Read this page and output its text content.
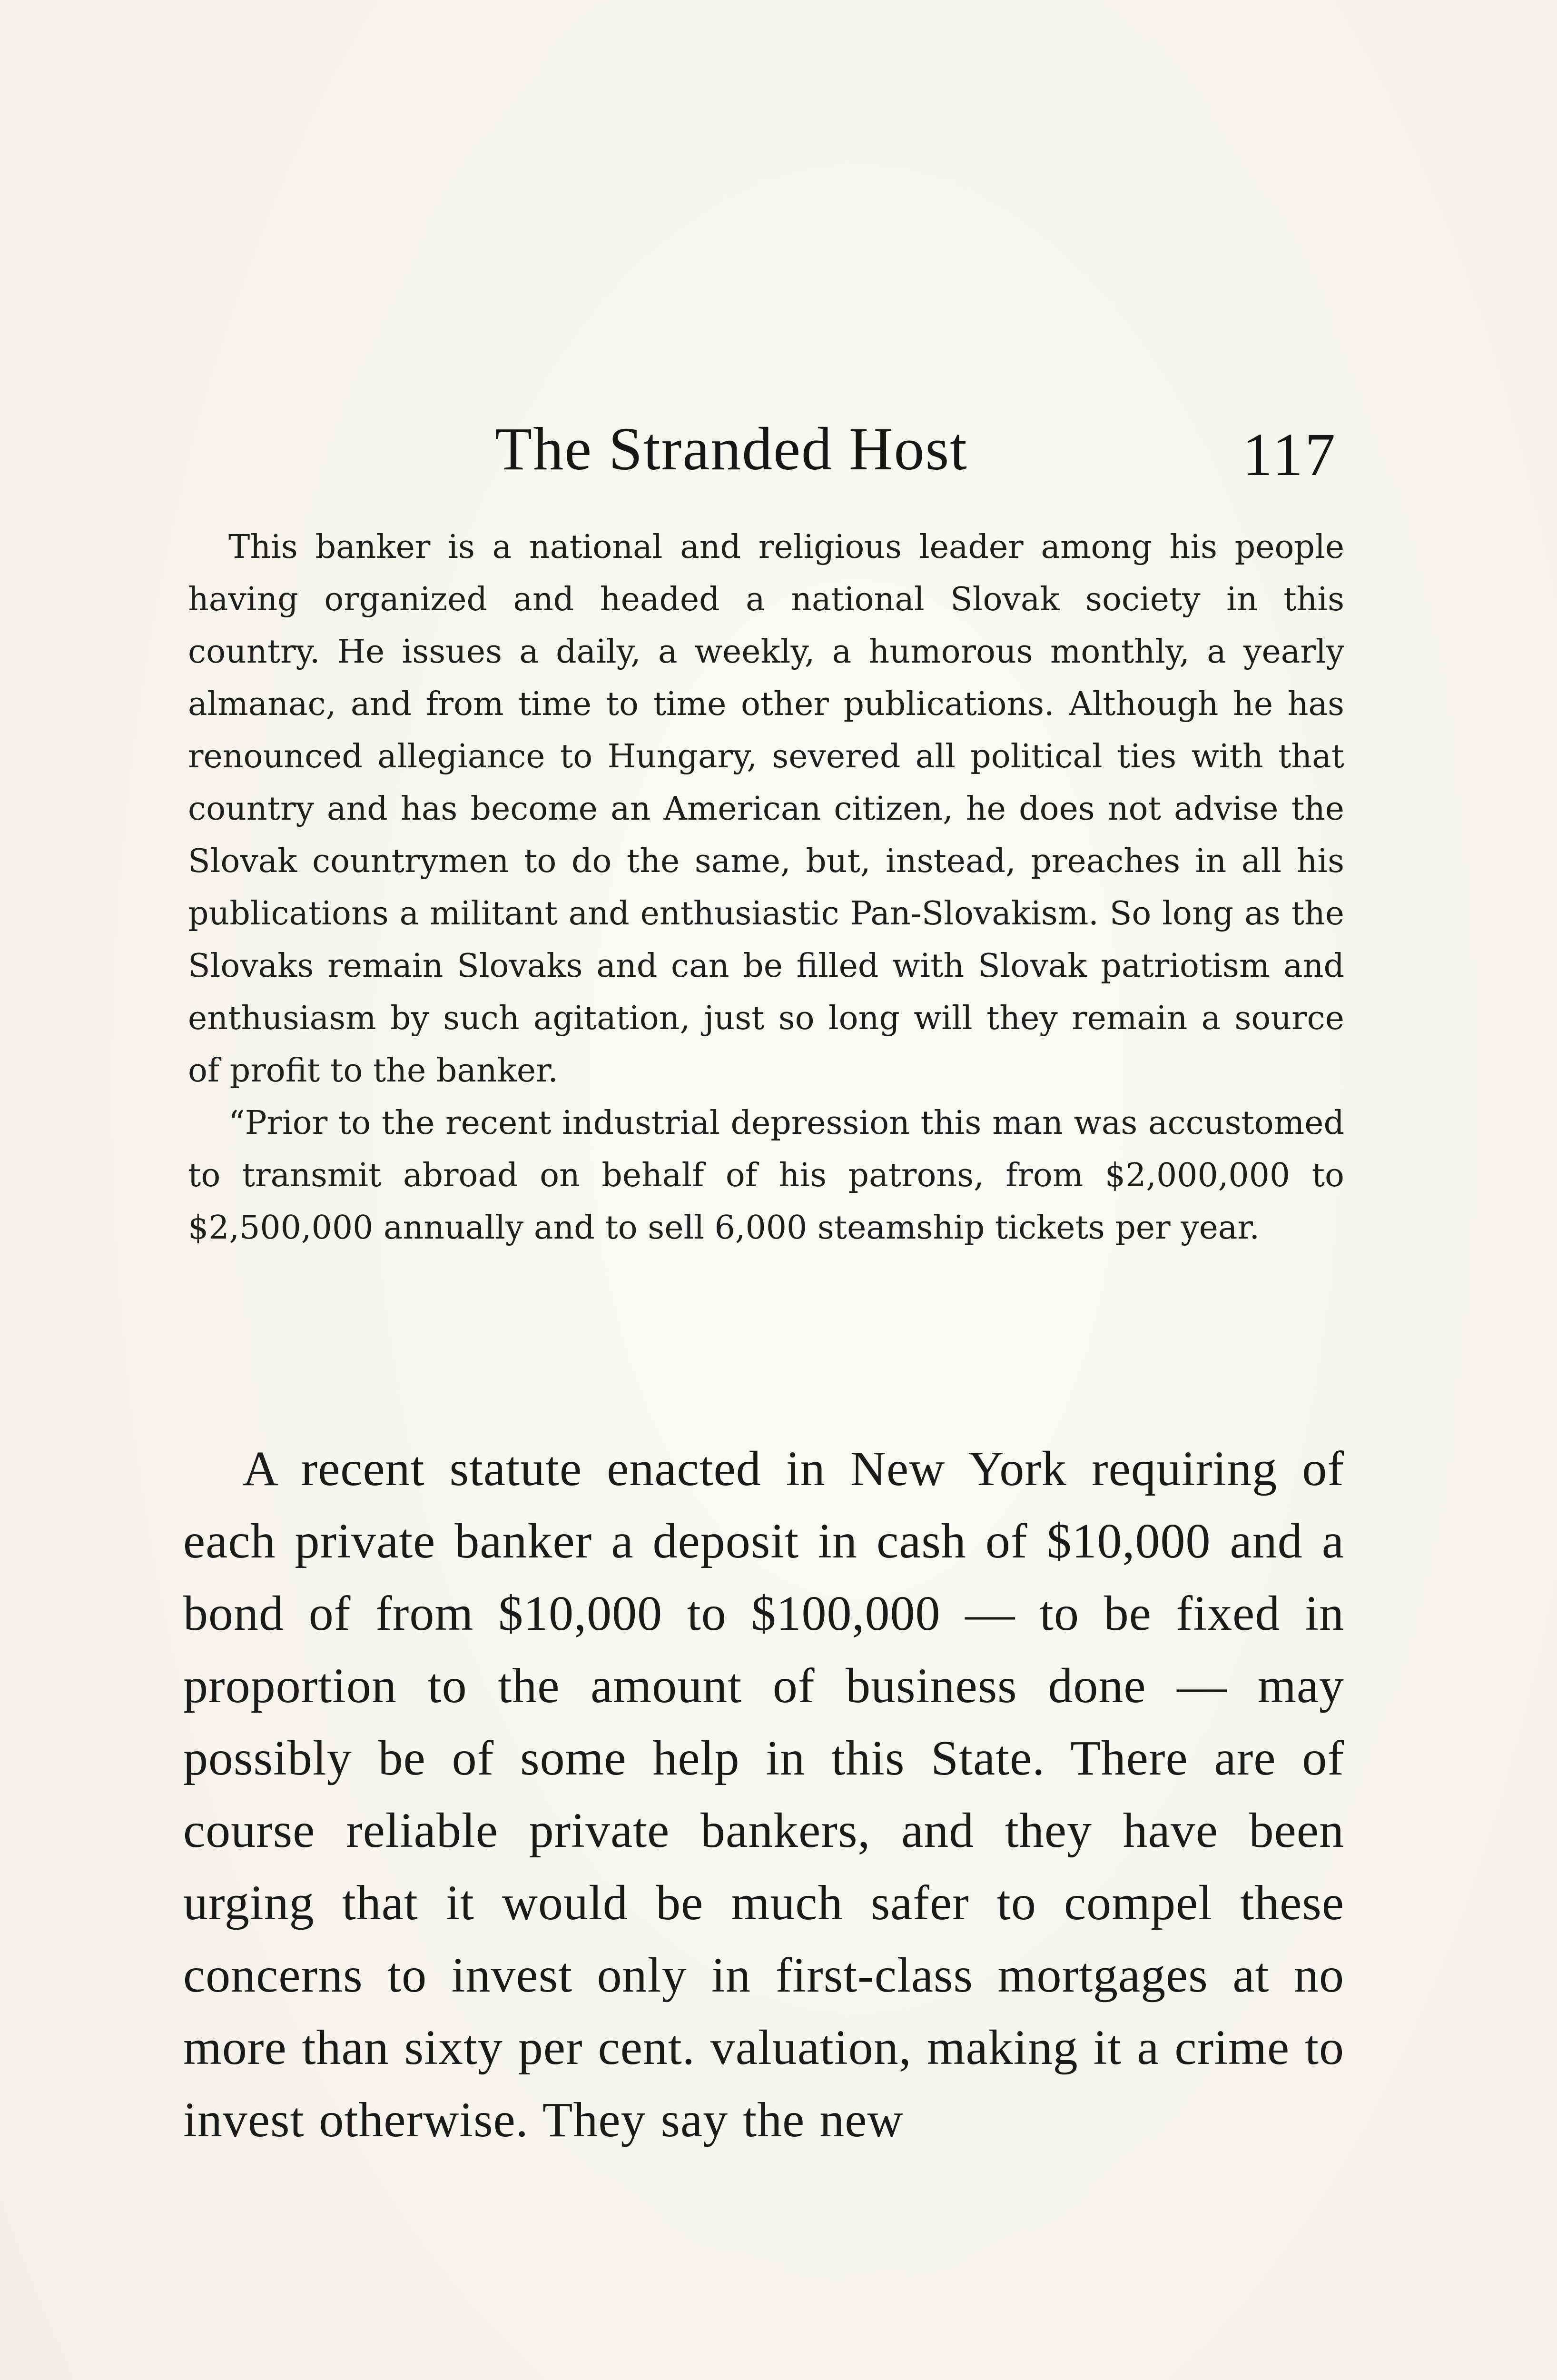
The Stranded Host	117

This banker is a national and religious leader among his people having organized and headed a national Slovak society in this country. He issues a daily, a weekly, a humorous monthly, a yearly almanac, and from time to time other publications. Although he has renounced allegiance to Hungary, severed all political ties with that country and has become an American citizen, he does not advise the Slovak countrymen to do the same, but, instead, preaches in all his publications a militant and enthusiastic Pan-Slovakism. So long as the Slovaks remain Slovaks and can be filled with Slovak patriotism and enthusiasm by such agitation, just so long will they remain a source of profit to the banker.

“Prior to the recent industrial depression this man was accustomed to transmit abroad on behalf of his patrons, from $2,000,000 to $2,500,000 annually and to sell 6,000 steamship tickets per year.

A recent statute enacted in New York requiring of each private banker a deposit in cash of $10,000 and a bond of from $10,000 to $100,000 — to be fixed in proportion to the amount of business done — may possibly be of some help in this State. There are of course reliable private bankers, and they have been urging that it would be much safer to compel these concerns to invest only in first-class mortgages at no more than sixty per cent. valuation, making it a crime to invest otherwise. They say the new
